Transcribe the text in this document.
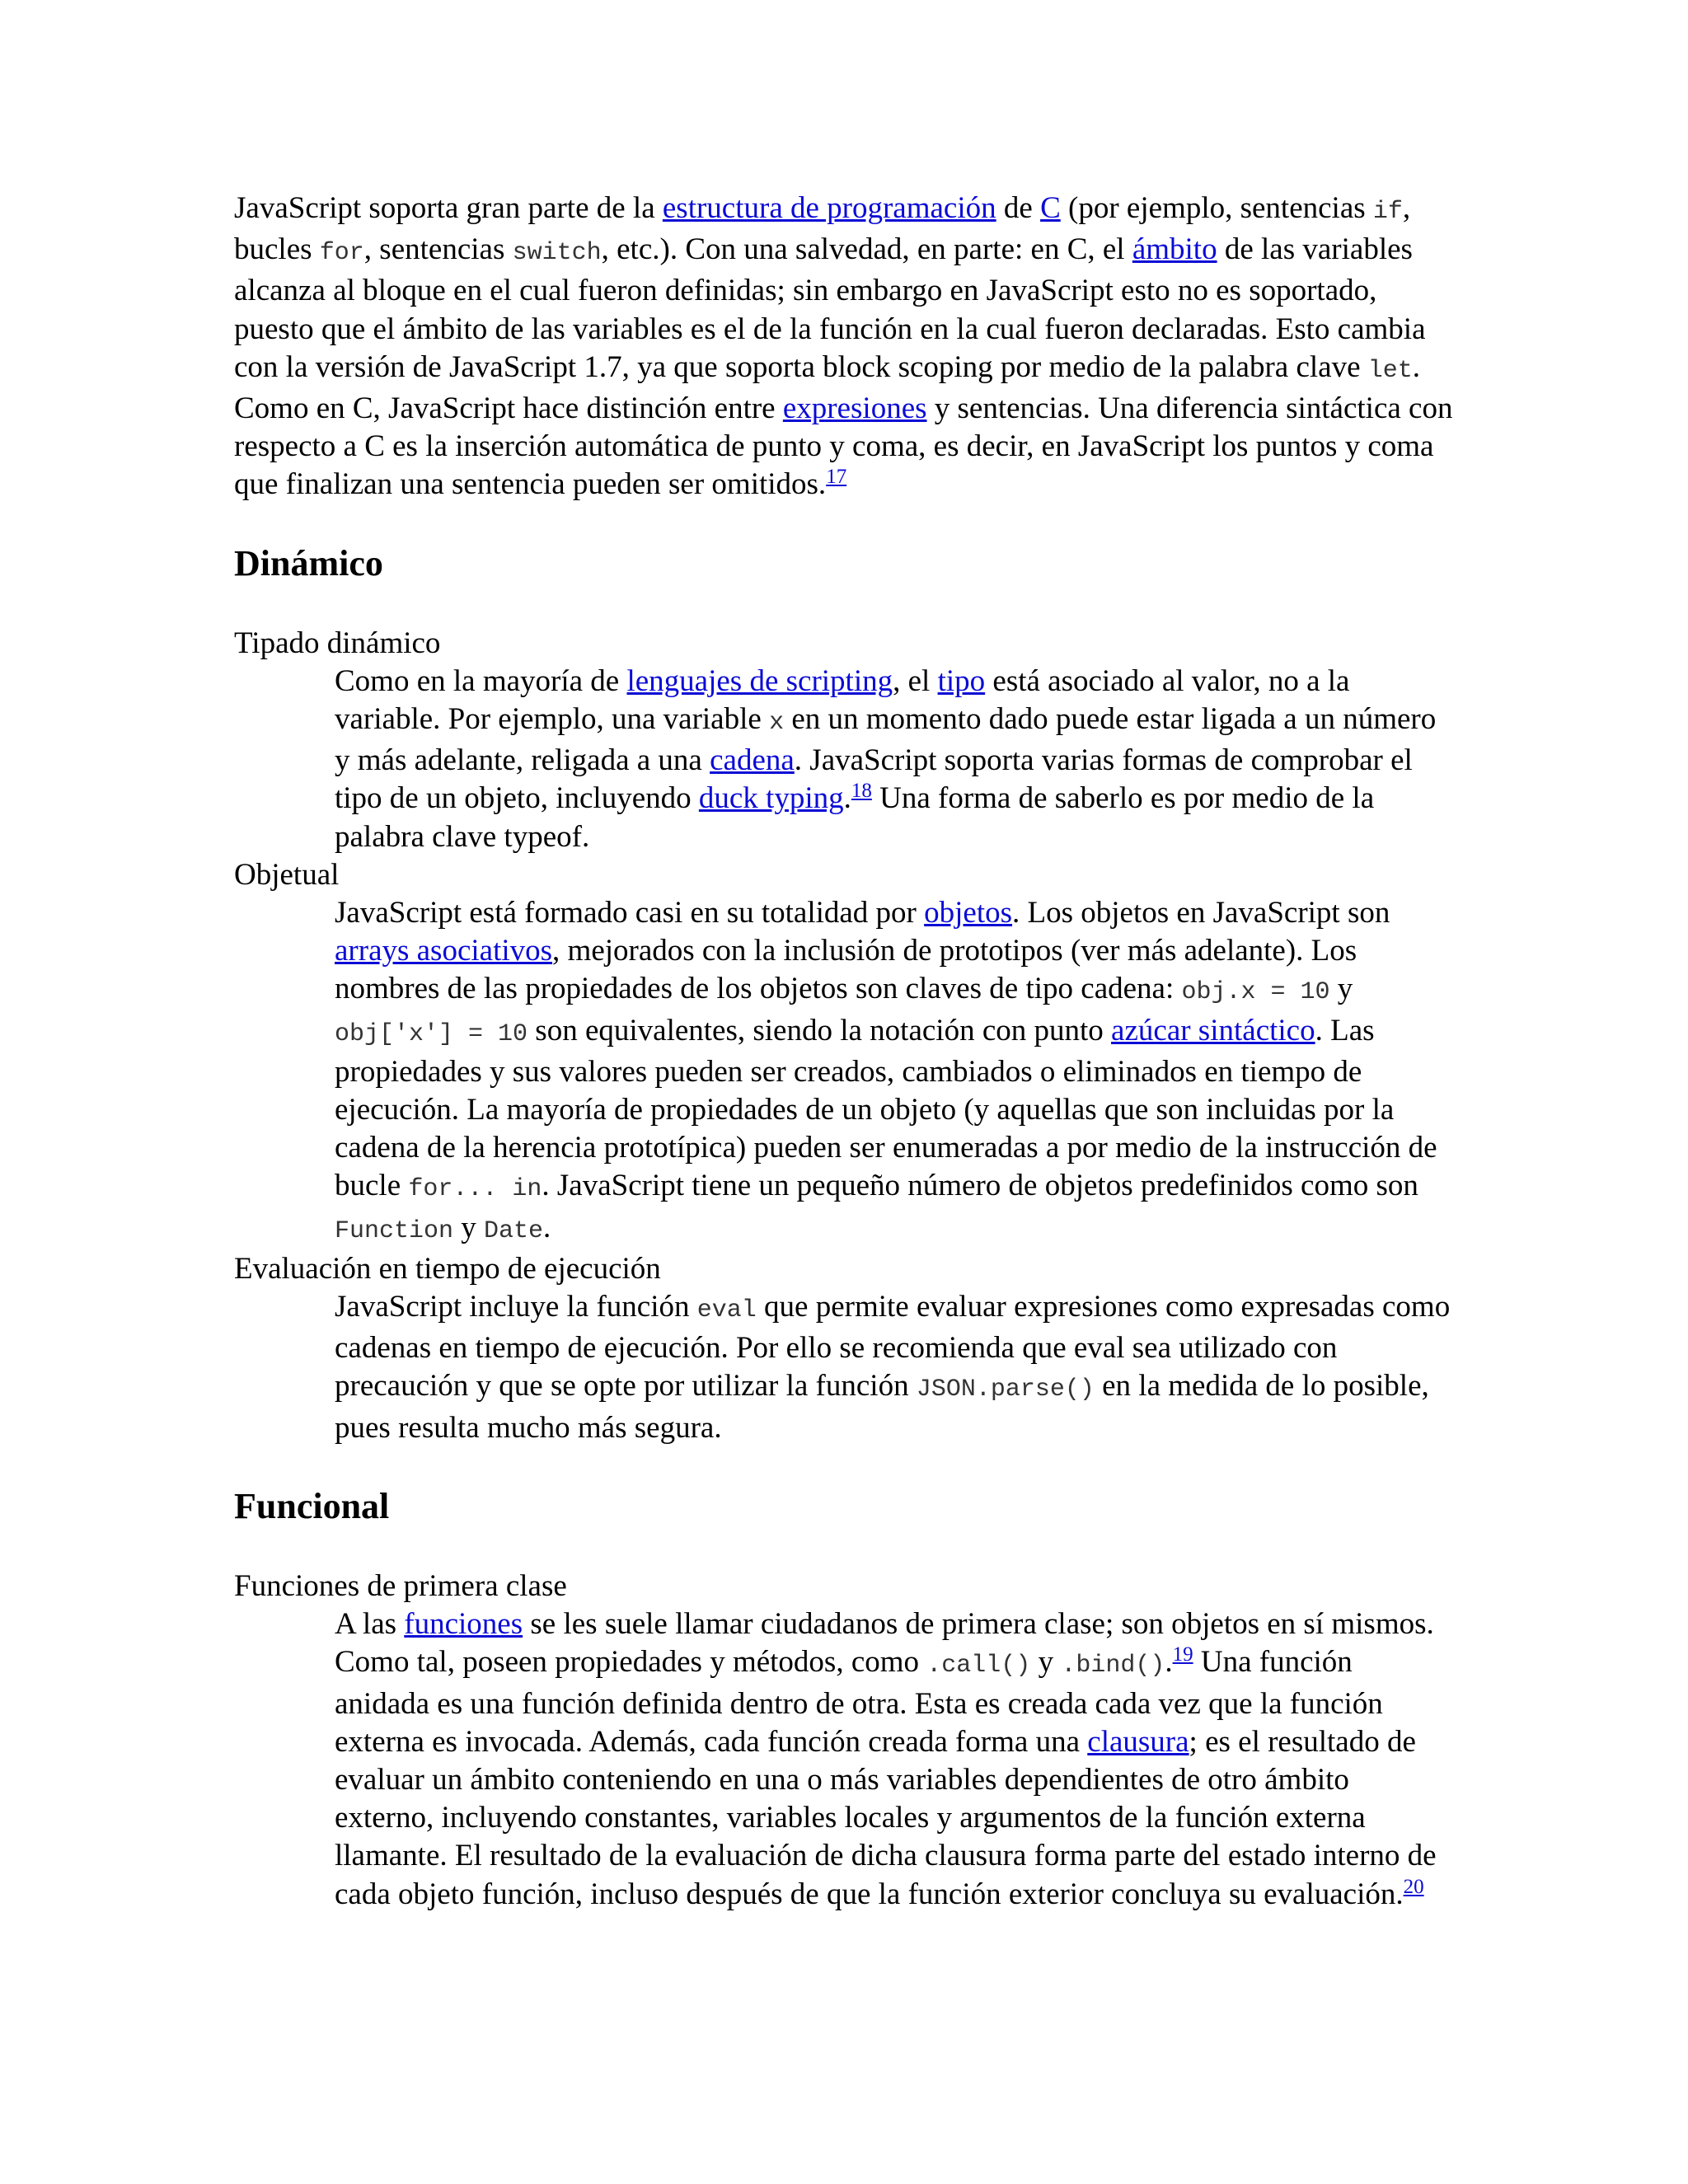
JavaScript soporta gran parte de la estructura de programación de C (por ejemplo, sentencias if, bucles for, sentencias switch, etc.). Con una salvedad, en parte: en C, el ámbito de las variables alcanza al bloque en el cual fueron definidas; sin embargo en JavaScript esto no es soportado, puesto que el ámbito de las variables es el de la función en la cual fueron declaradas. Esto cambia con la versión de JavaScript 1.7, ya que soporta block scoping por medio de la palabra clave let. Como en C, JavaScript hace distinción entre expresiones y sentencias. Una diferencia sintáctica con respecto a C es la inserción automática de punto y coma, es decir, en JavaScript los puntos y coma que finalizan una sentencia pueden ser omitidos.$^{17}$

Dinámico
Tipado dinámico
Como en la mayoría de lenguajes de scripting, el tipo está asociado al valor, no a la variable. Por ejemplo, una variable x en un momento dado puede estar ligada a un número y más adelante, religada a una cadena. JavaScript soporta varias formas de comprobar el tipo de un objeto, incluyendo duck typing.$^{18}$ Una forma de saberlo es por medio de la palabra clave typeof.
Objetual
JavaScript está formado casi en su totalidad por objetos. Los objetos en JavaScript son arrays asociativos, mejorados con la inclusión de prototipos (ver más adelante). Los nombres de las propiedades de los objetos son claves de tipo cadena: obj.x = 10 y obj['x'] = 10 son equivalentes, siendo la notación con punto azúcar sintáctico. Las propiedades y sus valores pueden ser creados, cambiados o eliminados en tiempo de ejecución. La mayoría de propiedades de un objeto (y aquellas que son incluidas por la cadena de la herencia prototípica) pueden ser enumeradas a por medio de la instrucción de bucle for... in. JavaScript tiene un pequeño número de objetos predefinidos como son Function y Date.
Evaluación en tiempo de ejecución
JavaScript incluye la función eval que permite evaluar expresiones como expresadas como cadenas en tiempo de ejecución. Por ello se recomienda que eval sea utilizado con precaución y que se opte por utilizar la función JSON.parse() en la medida de lo posible, pues resulta mucho más segura.
Funcional
Funciones de primera clase
A las funciones se les suele llamar ciudadanos de primera clase; son objetos en sí mismos. Como tal, poseen propiedades y métodos, como .call() y .bind().$^{19}$ Una función anidada es una función definida dentro de otra. Esta es creada cada vez que la función externa es invocada. Además, cada función creada forma una clausura; es el resultado de evaluar un ámbito conteniendo en una o más variables dependientes de otro ámbito externo, incluyendo constantes, variables locales y argumentos de la función externa llamante. El resultado de la evaluación de dicha clausura forma parte del estado interno de cada objeto función, incluso después de que la función exterior concluya su evaluación.$^{20}$
